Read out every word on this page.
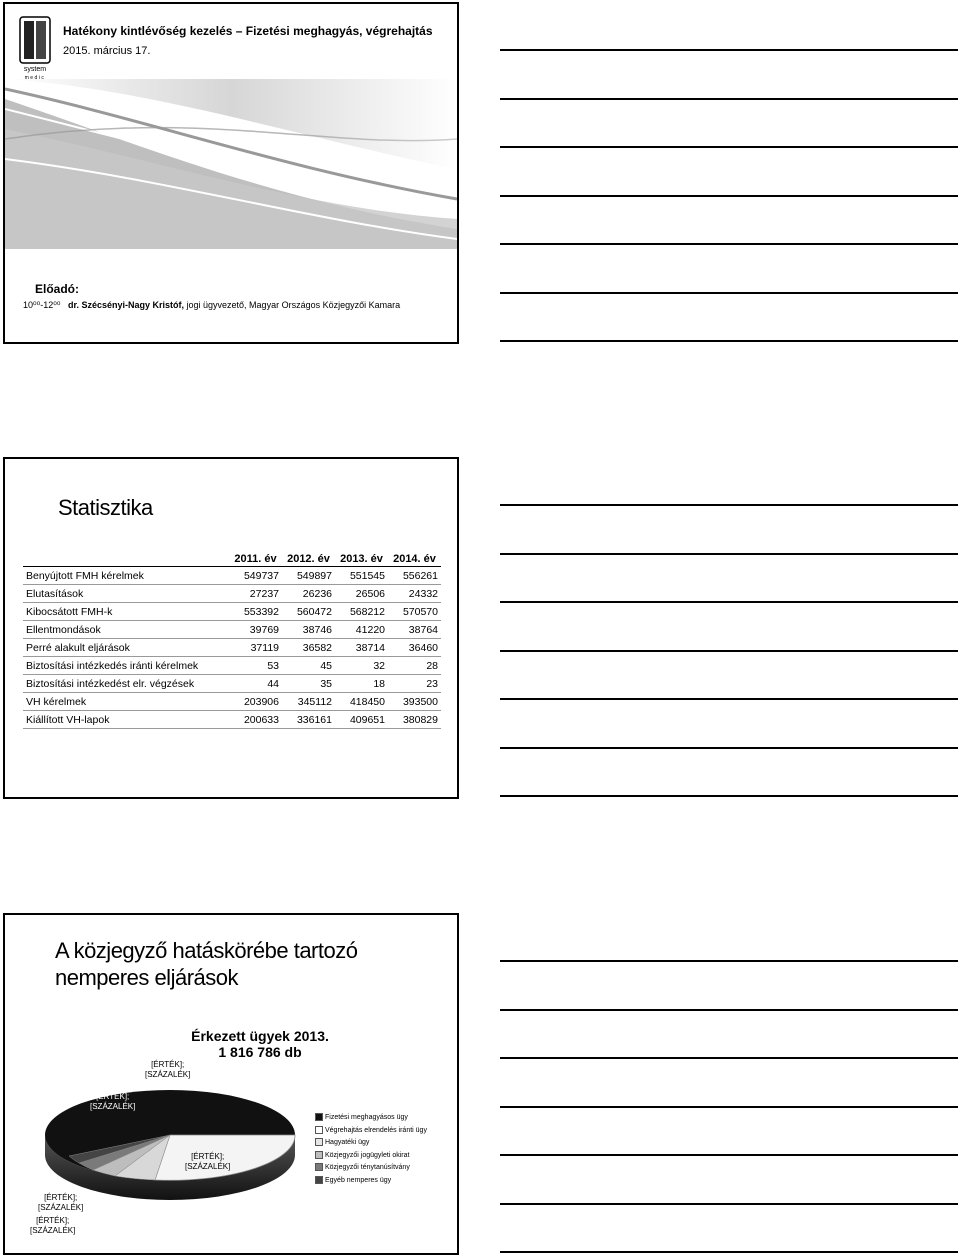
system
medic
Hatékony kintlévőség kezelés – Fizetési meghagyás, végrehajtás
2015. március 17.
Előadó:
10⁰⁰-12⁰⁰ dr. Szécsényi-Nagy Kristóf, jogi ügyvezető, Magyar Országos Közjegyzői Kamara
Statisztika
	2011. év	2012. év	2013. év	2014. év
Benyújtott FMH kérelmek	549737	549897	551545	556261
Elutasítások	27237	26236	26506	24332
Kibocsátott FMH-k	553392	560472	568212	570570
Ellentmondások	39769	38746	41220	38764
Perré alakult eljárások	37119	36582	38714	36460
Biztosítási intézkedés iránti kérelmek	53	45	32	28
Biztosítási intézkedést elr. végzések	44	35	18	23
VH kérelmek	203906	345112	418450	393500
Kiállított VH-lapok	200633	336161	409651	380829
A közjegyző hatáskörébe tartozó nemperes eljárások
Érkezett ügyek 2013.
1 816 786 db
[ÉRTÉK];
[SZÁZALÉK]
[ÉRTÉK];
[SZÁZALÉK]
[ÉRTÉK];
[SZÁZALÉK]
[ÉRTÉK];
[SZÁZALÉK]
[ÉRTÉK];
[SZÁZALÉK]
Fizetési meghagyásos ügy
Végrehajtás elrendelés iránti ügy
Hagyatéki ügy
Közjegyzői jogügyleti okirat
Közjegyzői ténytanúsítvány
Egyéb nemperes ügy
